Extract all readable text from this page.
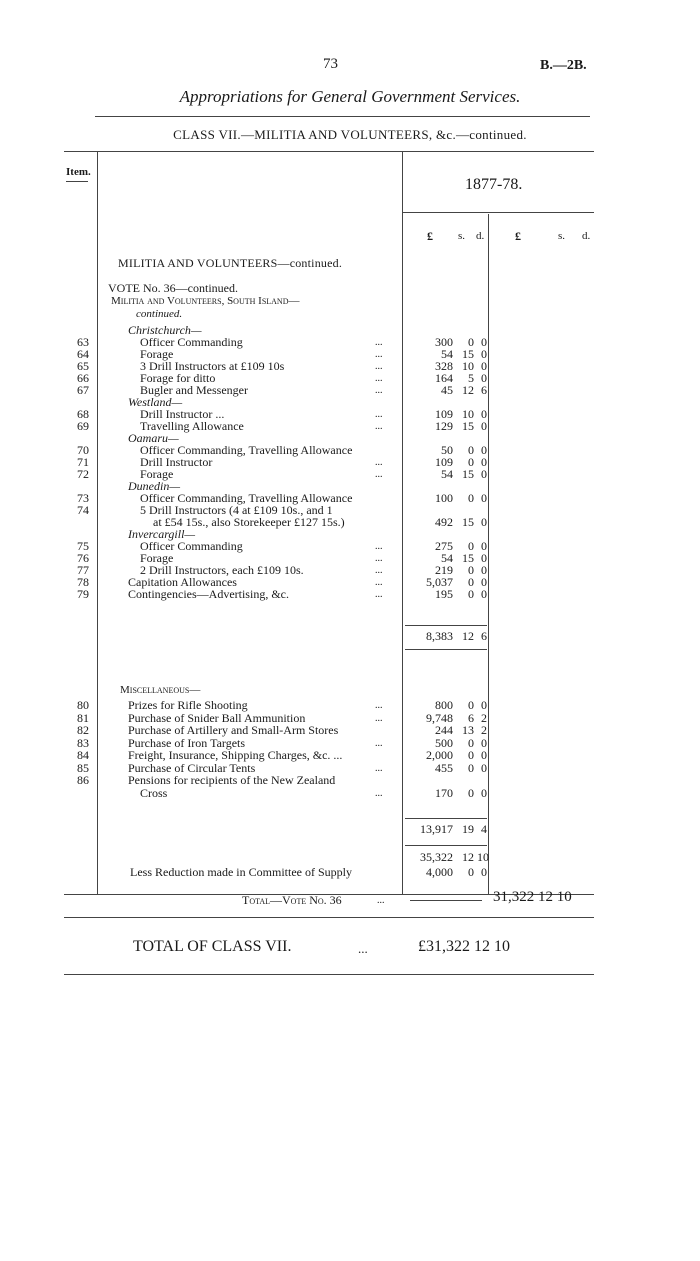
73	B.—2B.
Appropriations for General Government Services.
CLASS VII.—MILITIA AND VOLUNTEERS, &c.—continued.
Item.
1877-78.
£ s. d.	£	s. d.
MILITIA AND VOLUNTEERS—continued.
VOTE No. 36—continued.
Militia and Volunteers, South Island—
continued.
Christchurch—
63	Officer Commanding	...	300	0 0
64	Forage	...	54 15 0
65	3 Drill Instructors at £109 10s	...	328 10 0
66	Forage for ditto	...	164	5 0
67	Bugler and Messenger	...	45 12 6
Westland—
68	Drill Instructor ...	...	109 10 0
69	Travelling Allowance	...	129 15 0
Oamaru—
70	Officer Commanding, Travelling Allowance	50	0 0
71	Drill Instructor	...	109	0 0
72	Forage	...	54 15 0
Dunedin—
73	Officer Commanding, Travelling Allowance	100	0 0
74	5 Drill Instructors (4 at £109 10s., and 1
at £54 15s., also Storekeeper £127 15s.)	492 15 0
Invercargill—
75	Officer Commanding	...	275	0 0
76	Forage	...	54 15 0
77	2 Drill Instructors, each £109 10s.	...	219	0 0
78	Capitation Allowances	...	5,037	0 0
79	Contingencies—Advertising, &c.	...	195	0 0
8,383 12 6
Miscellaneous—
80	Prizes for Rifle Shooting	...	800	0 0
81	Purchase of Snider Ball Ammunition	...	9,748	6 2
82	Purchase of Artillery and Small-Arm Stores	244 13 2
83	Purchase of Iron Targets	...	500	0 0
84	Freight, Insurance, Shipping Charges, &c. ...	2,000	0 0
85	Purchase of Circular Tents	...	455	0 0
86	Pensions for recipients of the New Zealand
Cross	...	170	0 0
13,917 19 4
35,322 12 10
Less Reduction made in Committee of Supply	4,000	0 0
Total—Vote No. 36	...	31,322 12 10
TOTAL OF CLASS VII.	...	£31,322 12 10
